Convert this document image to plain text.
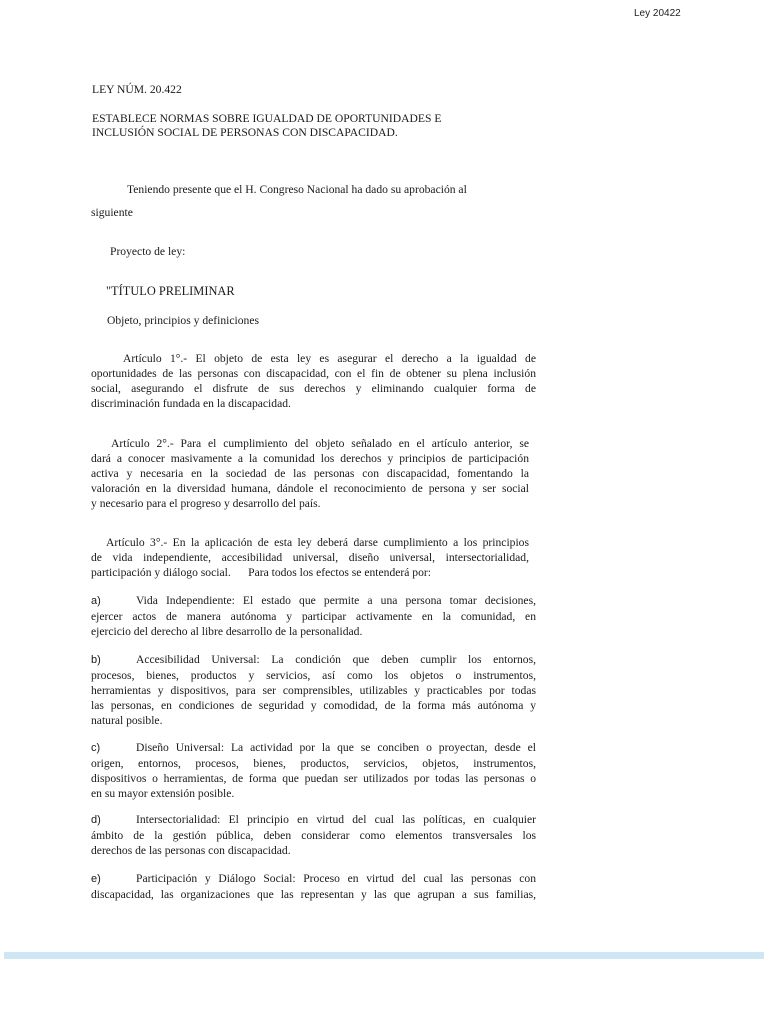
Ley 20422
LEY NÚM. 20.422
ESTABLECE NORMAS SOBRE IGUALDAD DE OPORTUNIDADES E
INCLUSIÓN SOCIAL DE PERSONAS CON DISCAPACIDAD.
Teniendo presente que el H. Congreso Nacional ha dado su aprobación al
siguiente
Proyecto de ley:
"TÍTULO PRELIMINAR
Objeto, principios y definiciones
Artículo 1°.- El objeto de esta ley es asegurar el derecho a la igualdad de
oportunidades de las personas con discapacidad, con el fin de obtener su plena inclusión
social, asegurando el disfrute de sus derechos y eliminando cualquier forma de
discriminación fundada en la discapacidad.
Artículo 2°.- Para el cumplimiento del objeto señalado en el artículo anterior, se
dará a conocer masivamente a la comunidad los derechos y principios de participación
activa y necesaria en la sociedad de las personas con discapacidad, fomentando la
valoración en la diversidad humana, dándole el reconocimiento de persona y ser social
y necesario para el progreso y desarrollo del país.
Artículo 3°.- En la aplicación de esta ley deberá darse cumplimiento a los principios
de vida independiente, accesibilidad universal, diseño universal, intersectorialidad,
participación y diálogo social.      Para todos los efectos se entenderá por:
a)	Vida Independiente: El estado que permite a una persona tomar decisiones,
ejercer actos de manera autónoma y participar activamente en la comunidad, en
ejercicio del derecho al libre desarrollo de la personalidad.
b)	Accesibilidad Universal: La condición que deben cumplir los entornos,
procesos, bienes, productos y servicios, así como los objetos o instrumentos,
herramientas y dispositivos, para ser comprensibles, utilizables y practicables por todas
las personas, en condiciones de seguridad y comodidad, de la forma más autónoma y
natural posible.
c)	Diseño Universal: La actividad por la que se conciben o proyectan, desde el
origen, entornos, procesos, bienes, productos, servicios, objetos, instrumentos,
dispositivos o herramientas, de forma que puedan ser utilizados por todas las personas o
en su mayor extensión posible.
d)	Intersectorialidad: El principio en virtud del cual las políticas, en cualquier
ámbito de la gestión pública, deben considerar como elementos transversales los
derechos de las personas con discapacidad.
e)	Participación y Diálogo Social: Proceso en virtud del cual las personas con
discapacidad, las organizaciones que las representan y las que agrupan a sus familias,
